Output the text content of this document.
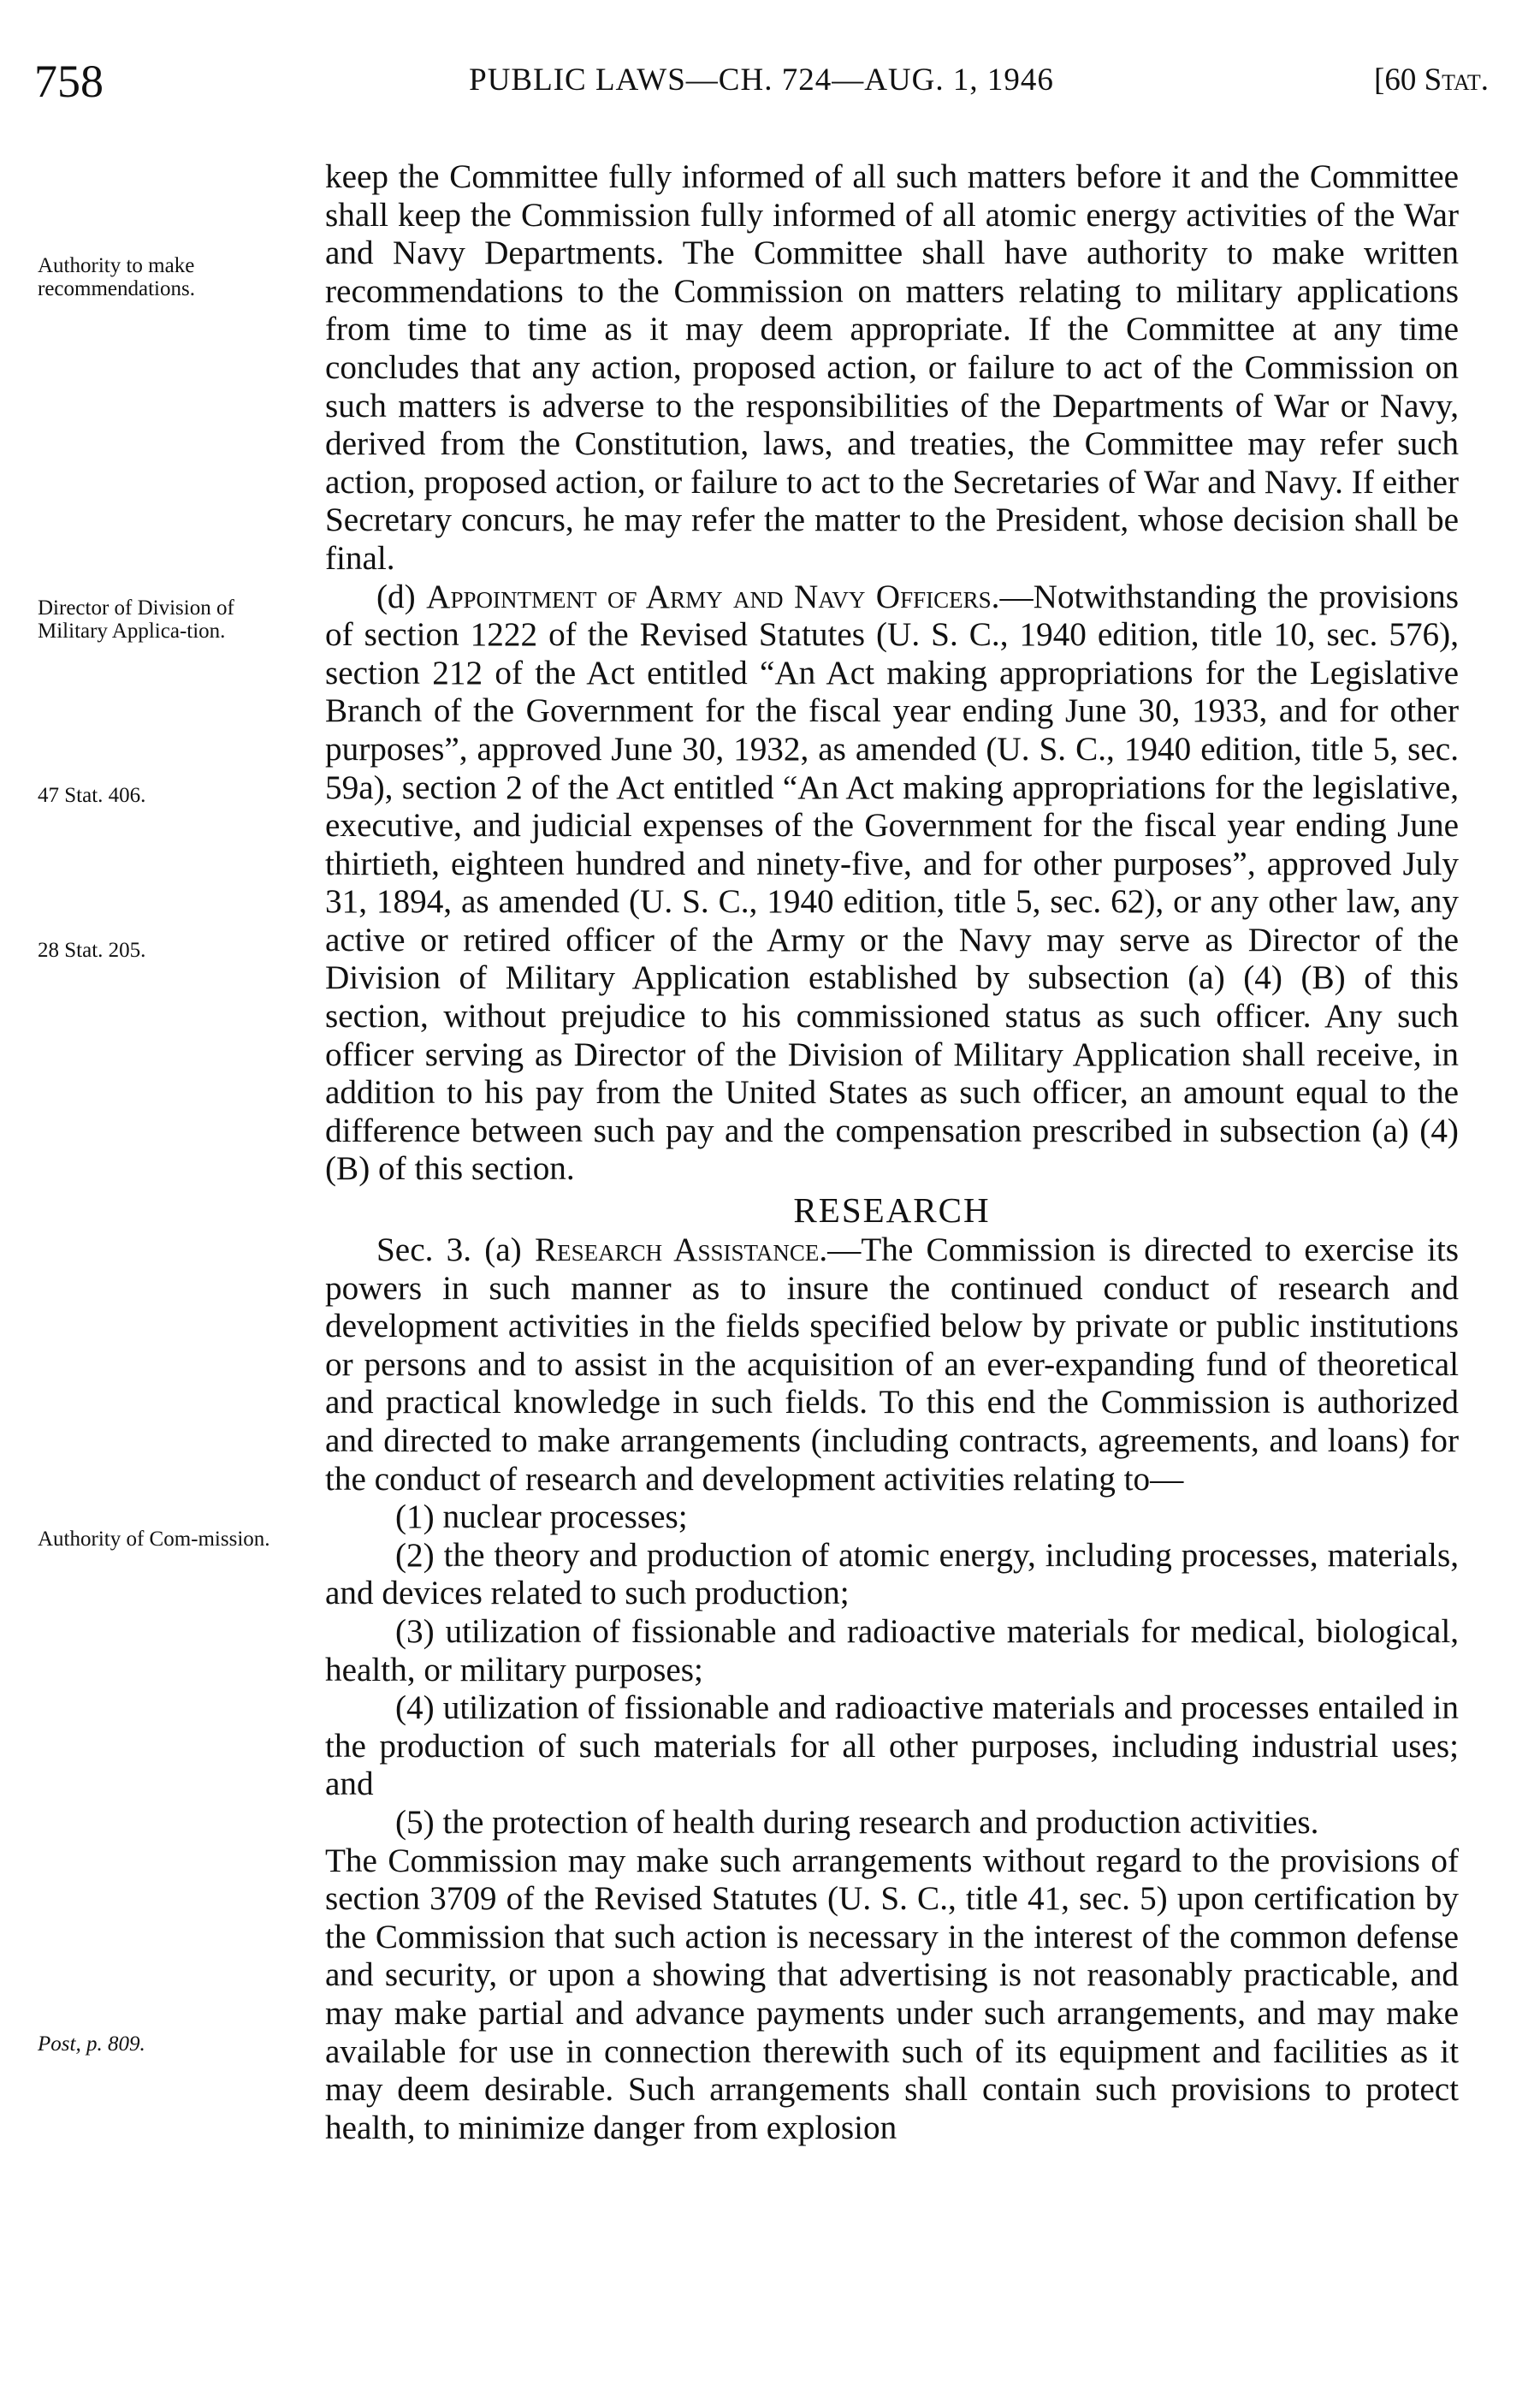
758	PUBLIC LAWS—CH. 724—AUG. 1, 1946	[60 Stat.
Authority to make recommendations.
Director of Division of Military Applica-tion.
47 Stat. 406.
28 Stat. 205.
Authority of Com-mission.
Post, p. 809.

keep the Committee fully informed of all such matters before it and the Committee shall keep the Commission fully informed of all atomic energy activities of the War and Navy Departments. The Committee shall have authority to make written recommendations to the Commission on matters relating to military applications from time to time as it may deem appropriate. If the Committee at any time concludes that any action, proposed action, or failure to act of the Commission on such matters is adverse to the responsibilities of the Departments of War or Navy, derived from the Constitution, laws, and treaties, the Committee may refer such action, proposed action, or failure to act to the Secretaries of War and Navy. If either Secretary concurs, he may refer the matter to the President, whose decision shall be final.

(d) Appointment of Army and Navy Officers.—Notwithstanding the provisions of section 1222 of the Revised Statutes (U. S. C., 1940 edition, title 10, sec. 576), section 212 of the Act entitled “An Act making appropriations for the Legislative Branch of the Government for the fiscal year ending June 30, 1933, and for other purposes”, approved June 30, 1932, as amended (U. S. C., 1940 edition, title 5, sec. 59a), section 2 of the Act entitled “An Act making appropriations for the legislative, executive, and judicial expenses of the Government for the fiscal year ending June thirtieth, eighteen hundred and ninety-five, and for other purposes”, approved July 31, 1894, as amended (U. S. C., 1940 edition, title 5, sec. 62), or any other law, any active or retired officer of the Army or the Navy may serve as Director of the Division of Military Application established by subsection (a) (4) (B) of this section, without prejudice to his commissioned status as such officer. Any such officer serving as Director of the Division of Military Application shall receive, in addition to his pay from the United States as such officer, an amount equal to the difference between such pay and the compensation prescribed in subsection (a) (4) (B) of this section.

RESEARCH

Sec. 3. (a) Research Assistance.—The Commission is directed to exercise its powers in such manner as to insure the continued conduct of research and development activities in the fields specified below by private or public institutions or persons and to assist in the acquisition of an ever-expanding fund of theoretical and practical knowledge in such fields. To this end the Commission is authorized and directed to make arrangements (including contracts, agreements, and loans) for the conduct of research and development activities relating to—

(1) nuclear processes;

(2) the theory and production of atomic energy, including processes, materials, and devices related to such production;

(3) utilization of fissionable and radioactive materials for medical, biological, health, or military purposes;

(4) utilization of fissionable and radioactive materials and processes entailed in the production of such materials for all other purposes, including industrial uses; and

(5) the protection of health during research and production activities.

The Commission may make such arrangements without regard to the provisions of section 3709 of the Revised Statutes (U. S. C., title 41, sec. 5) upon certification by the Commission that such action is necessary in the interest of the common defense and security, or upon a showing that advertising is not reasonably practicable, and may make partial and advance payments under such arrangements, and may make available for use in connection therewith such of its equipment and facilities as it may deem desirable. Such arrangements shall contain such provisions to protect health, to minimize danger from explosion
